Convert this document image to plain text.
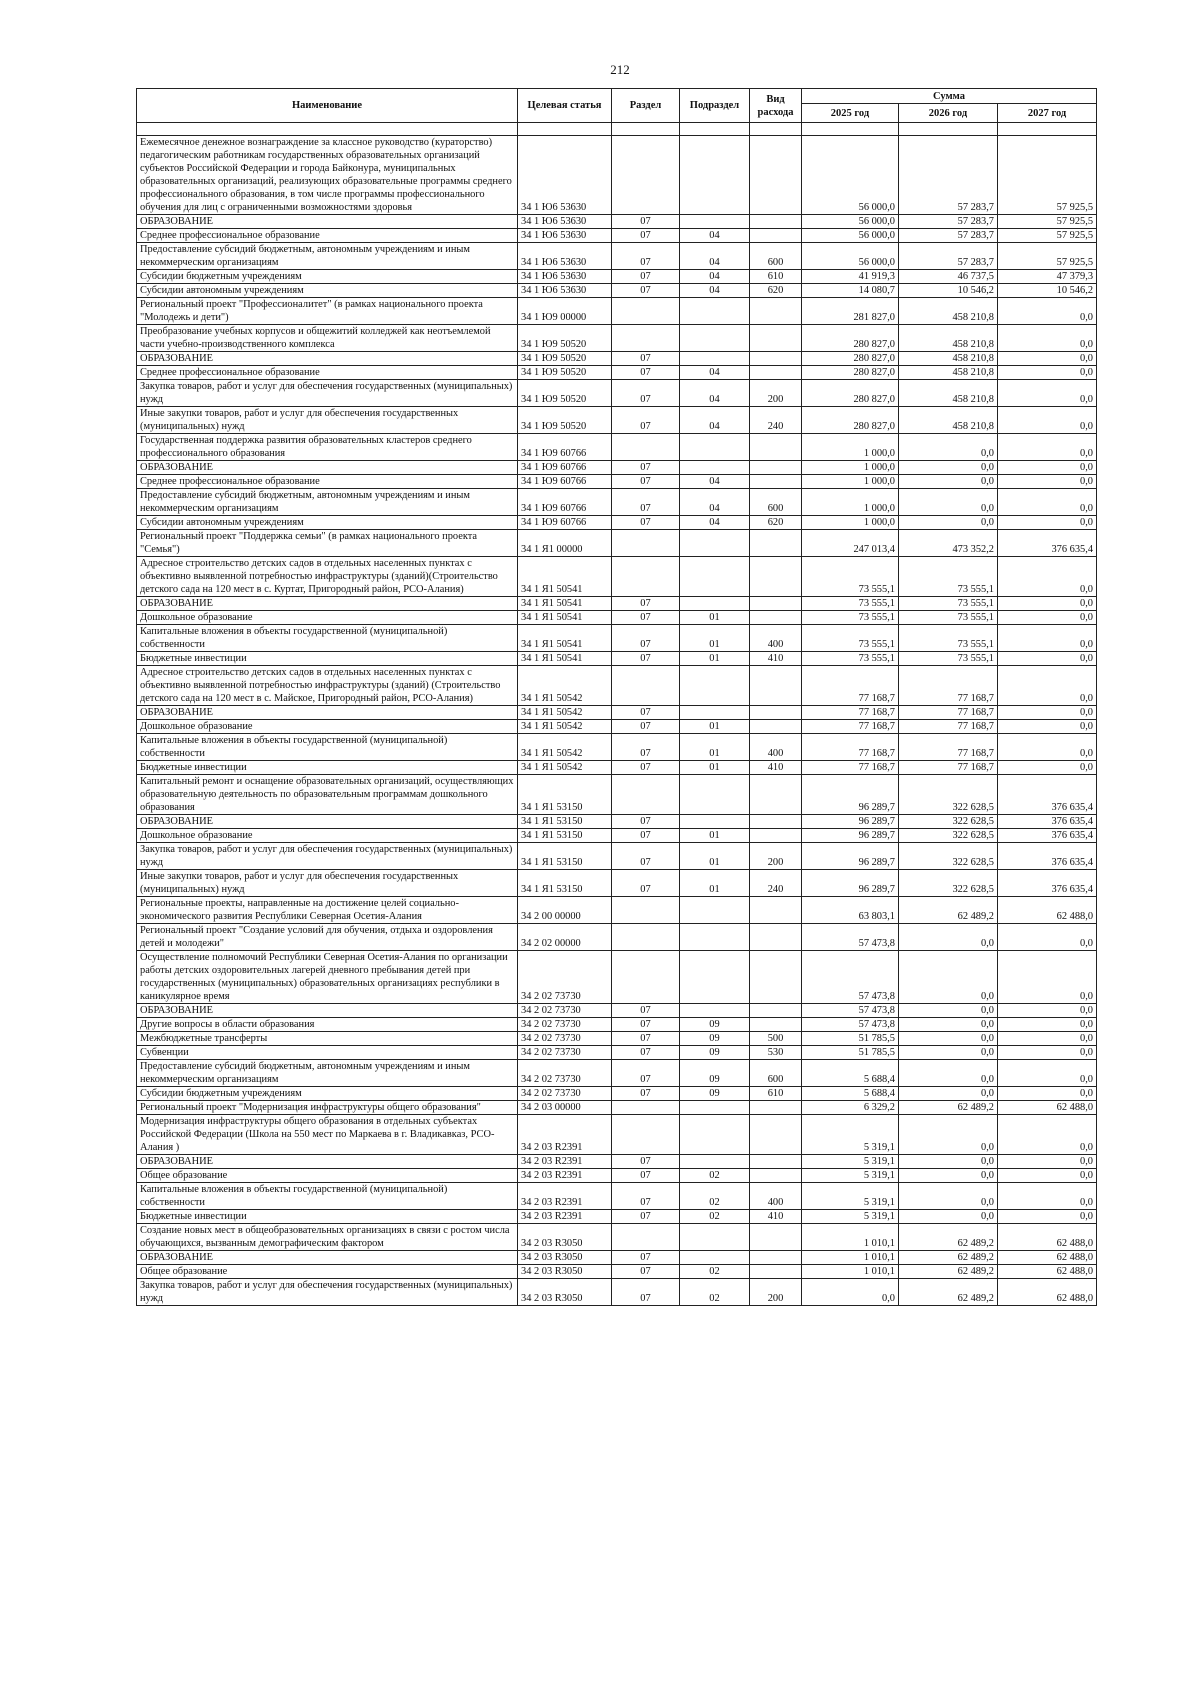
212
Наименование	Целевая статья	Раздел	Подраздел	Вид расхода	Сумма		
					2025 год	2026 год	2027 год

Ежемесячное денежное вознаграждение за классное руководство (кураторство) педагогическим работникам государственных образовательных организаций субъектов Российской Федерации и города Байконура, муниципальных образовательных организаций, реализующих образовательные программы среднего профессионального образования, в том числе программы профессионального обучения для лиц с ограниченными возможностями здоровья	34 1 Ю6 53630				56 000,0	57 283,7	57 925,5
ОБРАЗОВАНИЕ	34 1 Ю6 53630	07			56 000,0	57 283,7	57 925,5
Среднее профессиональное образование	34 1 Ю6 53630	07	04		56 000,0	57 283,7	57 925,5
Предоставление субсидий бюджетным, автономным учреждениям и иным некоммерческим организациям	34 1 Ю6 53630	07	04	600	56 000,0	57 283,7	57 925,5
Субсидии бюджетным учреждениям	34 1 Ю6 53630	07	04	610	41 919,3	46 737,5	47 379,3
Субсидии автономным учреждениям	34 1 Ю6 53630	07	04	620	14 080,7	10 546,2	10 546,2
Региональный проект "Профессионалитет" (в рамках национального проекта "Молодежь и дети")	34 1 Ю9 00000				281 827,0	458 210,8	0,0
Преобразование учебных корпусов и общежитий колледжей как неотъемлемой части учебно-производственного комплекса	34 1 Ю9 50520				280 827,0	458 210,8	0,0
ОБРАЗОВАНИЕ	34 1 Ю9 50520	07			280 827,0	458 210,8	0,0
Среднее профессиональное образование	34 1 Ю9 50520	07	04		280 827,0	458 210,8	0,0
Закупка товаров, работ и услуг для обеспечения государственных (муниципальных) нужд	34 1 Ю9 50520	07	04	200	280 827,0	458 210,8	0,0
Иные закупки товаров, работ и услуг для обеспечения государственных (муниципальных) нужд	34 1 Ю9 50520	07	04	240	280 827,0	458 210,8	0,0
Государственная поддержка развития образовательных кластеров среднего профессионального образования	34 1 Ю9 60766				1 000,0	0,0	0,0
ОБРАЗОВАНИЕ	34 1 Ю9 60766	07			1 000,0	0,0	0,0
Среднее профессиональное образование	34 1 Ю9 60766	07	04		1 000,0	0,0	0,0
Предоставление субсидий бюджетным, автономным учреждениям и иным некоммерческим организациям	34 1 Ю9 60766	07	04	600	1 000,0	0,0	0,0
Субсидии автономным учреждениям	34 1 Ю9 60766	07	04	620	1 000,0	0,0	0,0
Региональный проект "Поддержка семьи" (в рамках национального проекта "Семья")	34 1 Я1 00000				247 013,4	473 352,2	376 635,4
Адресное строительство детских садов в отдельных населенных пунктах с объективно выявленной потребностью инфраструктуры (зданий)(Строительство детского сада на 120 мест в с. Куртат, Пригородный район, РСО-Алания)	34 1 Я1 50541				73 555,1	73 555,1	0,0
ОБРАЗОВАНИЕ	34 1 Я1 50541	07			73 555,1	73 555,1	0,0
Дошкольное образование	34 1 Я1 50541	07	01		73 555,1	73 555,1	0,0
Капитальные вложения в объекты государственной (муниципальной) собственности	34 1 Я1 50541	07	01	400	73 555,1	73 555,1	0,0
Бюджетные инвестиции	34 1 Я1 50541	07	01	410	73 555,1	73 555,1	0,0
Адресное строительство детских садов в отдельных населенных пунктах с объективно выявленной потребностью инфраструктуры (зданий) (Строительство детского сада на 120 мест в с. Майское, Пригородный район, РСО-Алания)	34 1 Я1 50542				77 168,7	77 168,7	0,0
ОБРАЗОВАНИЕ	34 1 Я1 50542	07			77 168,7	77 168,7	0,0
Дошкольное образование	34 1 Я1 50542	07	01		77 168,7	77 168,7	0,0
Капитальные вложения в объекты государственной (муниципальной) собственности	34 1 Я1 50542	07	01	400	77 168,7	77 168,7	0,0
Бюджетные инвестиции	34 1 Я1 50542	07	01	410	77 168,7	77 168,7	0,0
Капитальный ремонт и оснащение образовательных организаций, осуществляющих образовательную деятельность по образовательным программам дошкольного образования	34 1 Я1 53150				96 289,7	322 628,5	376 635,4
ОБРАЗОВАНИЕ	34 1 Я1 53150	07			96 289,7	322 628,5	376 635,4
Дошкольное образование	34 1 Я1 53150	07	01		96 289,7	322 628,5	376 635,4
Закупка товаров, работ и услуг для обеспечения государственных (муниципальных) нужд	34 1 Я1 53150	07	01	200	96 289,7	322 628,5	376 635,4
Иные закупки товаров, работ и услуг для обеспечения государственных (муниципальных) нужд	34 1 Я1 53150	07	01	240	96 289,7	322 628,5	376 635,4
Региональные проекты, направленные на достижение целей социально-экономического развития Республики Северная Осетия-Алания	34 2 00 00000				63 803,1	62 489,2	62 488,0
Региональный проект "Создание условий для обучения, отдыха и оздоровления детей и молодежи"	34 2 02 00000				57 473,8	0,0	0,0
Осуществление полномочий Республики Северная Осетия-Алания по организации работы детских оздоровительных лагерей дневного пребывания детей при государственных (муниципальных) образовательных организациях республики в каникулярное время	34 2 02 73730				57 473,8	0,0	0,0
ОБРАЗОВАНИЕ	34 2 02 73730	07			57 473,8	0,0	0,0
Другие вопросы в области образования	34 2 02 73730	07	09		57 473,8	0,0	0,0
Межбюджетные трансферты	34 2 02 73730	07	09	500	51 785,5	0,0	0,0
Субвенции	34 2 02 73730	07	09	530	51 785,5	0,0	0,0
Предоставление субсидий бюджетным, автономным учреждениям и иным некоммерческим организациям	34 2 02 73730	07	09	600	5 688,4	0,0	0,0
Субсидии бюджетным учреждениям	34 2 02 73730	07	09	610	5 688,4	0,0	0,0
Региональный проект "Модернизация инфраструктуры общего образования"	34 2 03 00000				6 329,2	62 489,2	62 488,0
Модернизация инфраструктуры общего образования в отдельных субъектах Российской Федерации (Школа на 550 мест по Маркаева в г. Владикавказ, РСО-Алания )	34 2 03 R2391				5 319,1	0,0	0,0
ОБРАЗОВАНИЕ	34 2 03 R2391	07			5 319,1	0,0	0,0
Общее образование	34 2 03 R2391	07	02		5 319,1	0,0	0,0
Капитальные вложения в объекты государственной (муниципальной) собственности	34 2 03 R2391	07	02	400	5 319,1	0,0	0,0
Бюджетные инвестиции	34 2 03 R2391	07	02	410	5 319,1	0,0	0,0
Создание новых мест в общеобразовательных организациях в связи с ростом числа обучающихся, вызванным демографическим фактором	34 2 03 R3050				1 010,1	62 489,2	62 488,0
ОБРАЗОВАНИЕ	34 2 03 R3050	07			1 010,1	62 489,2	62 488,0
Общее образование	34 2 03 R3050	07	02		1 010,1	62 489,2	62 488,0
Закупка товаров, работ и услуг для обеспечения государственных (муниципальных) нужд	34 2 03 R3050	07	02	200	0,0	62 489,2	62 488,0
